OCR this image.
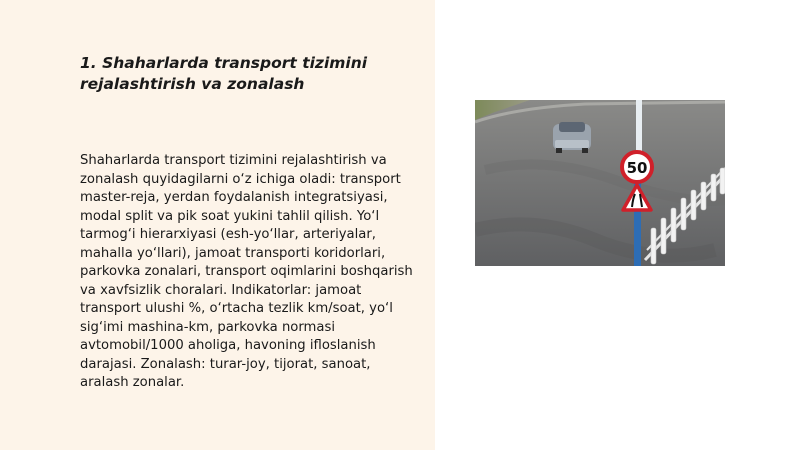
1. Shaharlarda transport tizimini rejalashtirish va zonalash

Shaharlarda transport tizimini rejalashtirish va zonalash quyidagilarni o‘z ichiga oladi: transport master-reja, yerdan foydalanish integratsiyasi, modal split va pik soat yukini tahlil qilish. Yo‘l tarmog‘i hierarxiyasi (esh-yo‘llar, arteriyalar, mahalla yo‘llari), jamoat transporti koridorlari, parkovka zonalari, transport oqimlarini boshqarish va xavfsizlik choralari. Indikatorlar: jamoat transport ulushi %, o‘rtacha tezlik km/soat, yo‘l sig‘imi mashina-km, parkovka normasi avtomobil/1000 aholiga, havoning ifloslanish darajasi. Zonalash: turar-joy, tijorat, sanoat, aralash zonalar.

50
